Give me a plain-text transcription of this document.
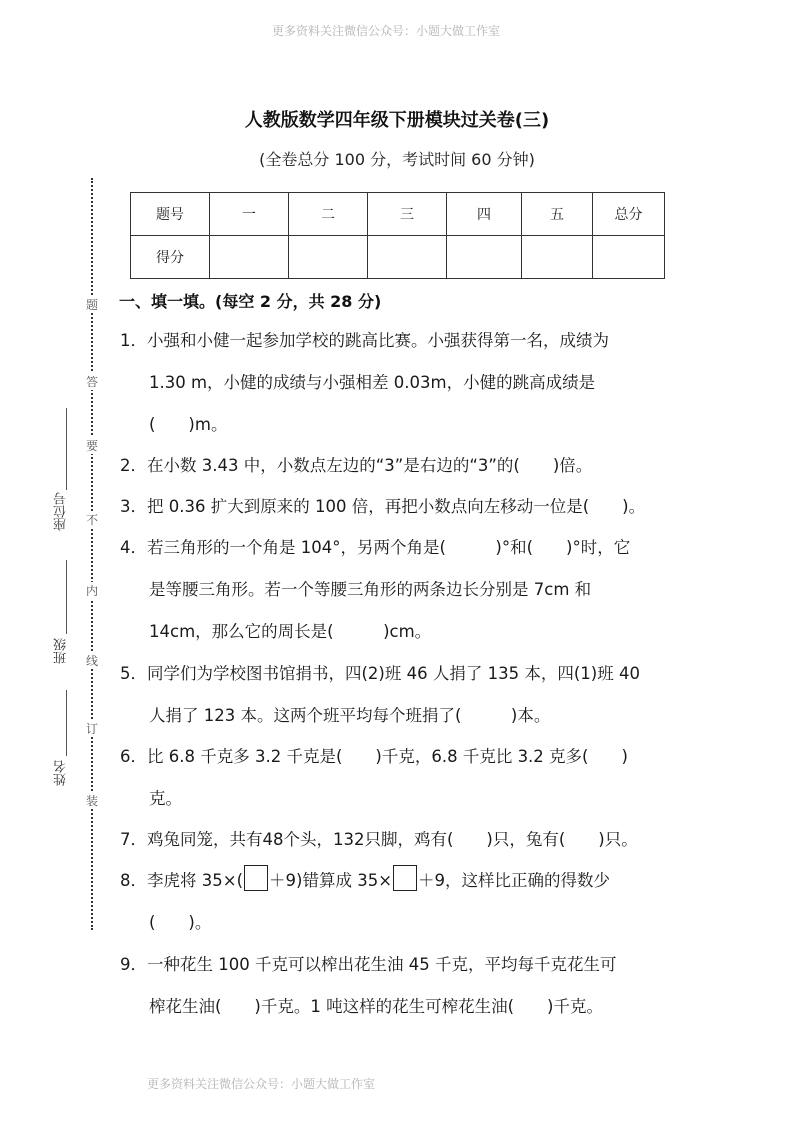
更多资料关注微信公众号：小题大做工作室
人教版数学四年级下册模块过关卷(三)
(全卷总分 100 分，考试时间 60 分钟)
题号	一	二	三	四	五	总分
得分						
题
答
要
不
内
线
订
装
座位号
班级
姓名
一、填一填。(每空 2 分，共 28 分)
1．小强和小健一起参加学校的跳高比赛。小强获得第一名，成绩为
1.30 m，小健的成绩与小强相差 0.03m，小健的跳高成绩是
(　　)m。
2．在小数 3.43 中，小数点左边的“3”是右边的“3”的(　　)倍。
3．把 0.36 扩大到原来的 100 倍，再把小数点向左移动一位是(　　)。
4．若三角形的一个角是 104°，另两个角是(　　　)°和(　　)°时，它
是等腰三角形。若一个等腰三角形的两条边长分别是 7cm 和
14cm，那么它的周长是(　　　)cm。
5．同学们为学校图书馆捐书，四(2)班 46 人捐了 135 本，四(1)班 40
人捐了 123 本。这两个班平均每个班捐了(　　　)本。
6．比 6.8 千克多 3.2 千克是(　　)千克，6.8 千克比 3.2 克多(　　)
克。
7．鸡兔同笼，共有48个头，132只脚，鸡有(　　)只，兔有(　　)只。
8．李虎将 35×( ＋9)错算成 35× ＋9，这样比正确的得数少
(　　)。
9．一种花生 100 千克可以榨出花生油 45 千克，平均每千克花生可
榨花生油(　　)千克。1 吨这样的花生可榨花生油(　　)千克。
更多资料关注微信公众号：小题大做工作室
